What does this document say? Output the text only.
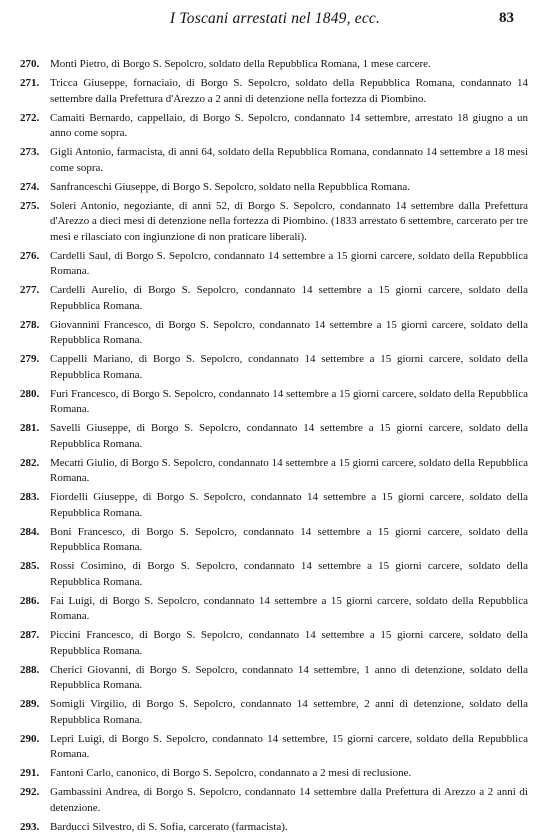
I Toscani arrestati nel 1849, ecc.	83
270. Monti Pietro, di Borgo S. Sepolcro, soldato della Repubblica Romana, 1 mese carcere.
271. Tricca Giuseppe, fornaciaio, di Borgo S. Sepolcro, soldato della Repubblica Romana, condannato 14 settembre dalla Prefettura d'Arezzo a 2 anni di detenzione nella fortezza di Piombino.
272. Camaiti Bernardo, cappellaio, di Borgo S. Sepolcro, condannato 14 settembre, arrestato 18 giugno a un anno come sopra.
273. Gigli Antonio, farmacista, di anni 64, soldato della Repubblica Romana, condannato 14 settembre a 18 mesi come sopra.
274. Sanfranceschi Giuseppe, di Borgo S. Sepolcro, soldato nella Repubblica Romana.
275. Soleri Antonio, negoziante, di anni 52, di Borgo S. Sepolcro, condannato 14 settembre dalla Prefettura d'Arezzo a dieci mesi di detenzione nella fortezza di Piombino. (1833 arrestato 6 settembre, carcerato per tre mesi e rilasciato con ingiunzione di non praticare liberali).
276. Cardelli Saul, di Borgo S. Sepolcro, condannato 14 settembre a 15 giorni carcere, soldato della Repubblica Romana.
277. Cardelli Aurelio, di Borgo S. Sepolcro, condannato 14 settembre a 15 giorni carcere, soldato della Repubblica Romana.
278. Giovannini Francesco, di Borgo S. Sepolcro, condannato 14 settembre a 15 giorni carcere, soldato della Repubblica Romana.
279. Cappelli Mariano, di Borgo S. Sepolcro, condannato 14 settembre a 15 giorni carcere, soldato della Repubblica Romana.
280. Furi Francesco, di Borgo S. Sepolcro, condannato 14 settembre a 15 giorni carcere, soldato della Repubblica Romana.
281. Savelli Giuseppe, di Borgo S. Sepolcro, condannato 14 settembre a 15 giorni carcere, soldato della Repubblica Romana.
282. Mecatti Giulio, di Borgo S. Sepolcro, condannato 14 settembre a 15 giorni carcere, soldato della Repubblica Romana.
283. Fiordelli Giuseppe, di Borgo S. Sepolcro, condannato 14 settembre a 15 giorni carcere, soldato della Repubblica Romana.
284. Boni Francesco, di Borgo S. Sepolcro, condannato 14 settembre a 15 giorni carcere, soldato della Repubblica Romana.
285. Rossi Cosimino, di Borgo S. Sepolcro, condannato 14 settembre a 15 giorni carcere, soldato della Repubblica Romana.
286. Fai Luigi, di Borgo S. Sepolcro, condannato 14 settembre a 15 giorni carcere, soldato della Repubblica Romana.
287. Piccini Francesco, di Borgo S. Sepolcro, condannato 14 settembre a 15 giorni carcere, soldato della Repubblica Romana.
288. Cherici Giovanni, di Borgo S. Sepolcro, condannato 14 settembre, 1 anno di detenzione, soldato della Repubblica Romana.
289. Somigli Virgilio, di Borgo S. Sepolcro, condannato 14 settembre, 2 anni di detenzione, soldato della Repubblica Romana.
290. Lepri Luigi, di Borgo S. Sepolcro, condannato 14 settembre, 15 giorni carcere, soldato della Repubblica Romana.
291. Fantoni Carlo, canonico, di Borgo S. Sepolcro, condannato a 2 mesi di reclusione.
292. Gambassini Andrea, di Borgo S. Sepolcro, condannato 14 settembre dalla Prefettura di Arezzo a 2 anni di detenzione.
293. Barducci Silvestro, di S. Sofia, carcerato (farmacista).
